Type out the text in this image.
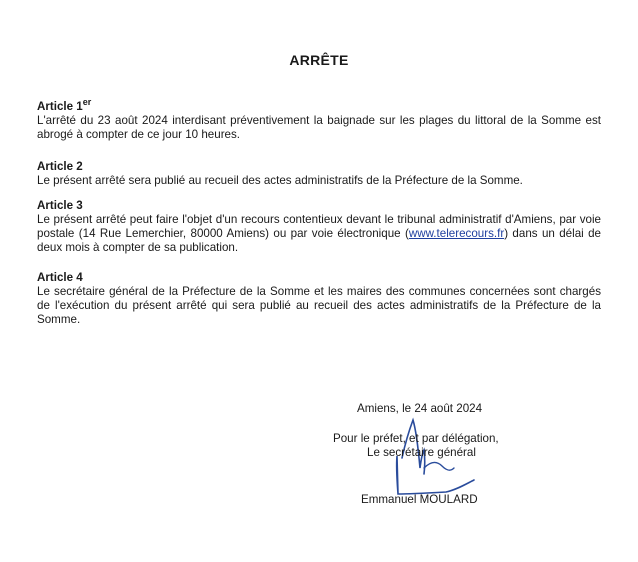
ARRÊTE
Article 1er
L'arrêté du 23 août 2024 interdisant préventivement la baignade sur les plages du littoral de la Somme est abrogé à compter de ce jour 10 heures.
Article 2
Le présent arrêté sera publié au recueil des actes administratifs de la Préfecture de la Somme.
Article 3
Le présent arrêté peut faire l'objet d'un recours contentieux devant le tribunal administratif d'Amiens, par voie postale (14 Rue Lemerchier, 80000 Amiens) ou par voie électronique (www.telerecours.fr) dans un délai de deux mois à compter de sa publication.
Article 4
Le secrétaire général de la Préfecture de la Somme et les maires des communes concernées sont chargés de l'exécution du présent arrêté qui sera publié au recueil des actes administratifs de la Préfecture de la Somme.
Amiens, le 24 août 2024
Pour le préfet, et par délégation,
Le secrétaire général
Emmanuel MOULARD
